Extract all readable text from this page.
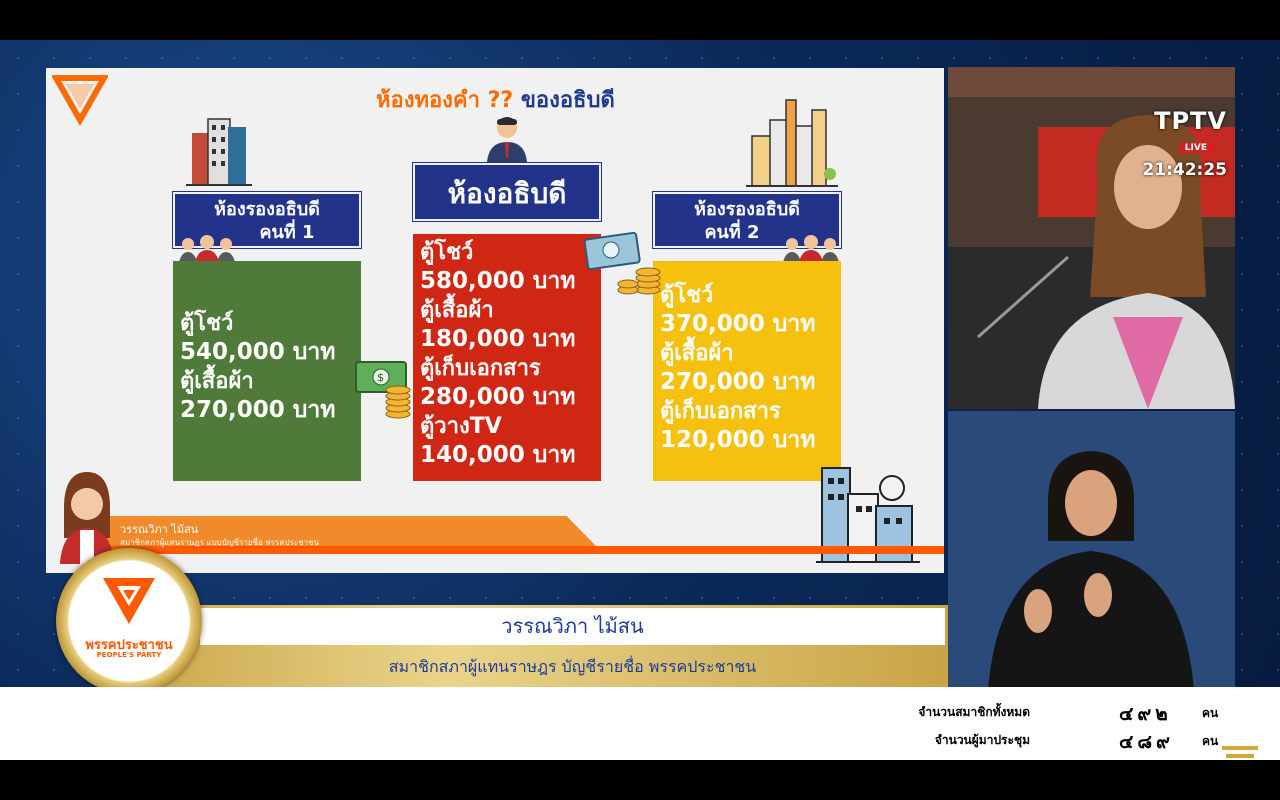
ห้องทองคำ ?? ของอธิบดี
ห้องรองอธิบดี
คนที่ 1
ห้องอธิบดี	ห้องรองอธิบดี
คนที่ 2
ตู้โชว์
540,000 บาท
ตู้เสื้อผ้า
270,000 บาท
ตู้โชว์
580,000 บาท
ตู้เสื้อผ้า
180,000 บาท
ตู้เก็บเอกสาร
280,000 บาท
ตู้วางTV
140,000 บาท
ตู้โชว์
370,000 บาท
ตู้เสื้อผ้า
270,000 บาท
ตู้เก็บเอกสาร
120,000 บาท
$
วรรณวิภา ไม้สน
สมาชิกสภาผู้แทนราษฎร แบบบัญชีรายชื่อ พรรคประชาชน
TPTV
LIVE
21:42:25
วรรณวิภา ไม้สน
สมาชิกสภาผู้แทนราษฎร บัญชีรายชื่อ พรรคประชาชน
พรรคประชาชน
PEOPLE'S PARTY
จำนวนสมาชิกทั้งหมด	๔๙๒	คน
จำนวนผู้มาประชุม	๔๘๙ คน
